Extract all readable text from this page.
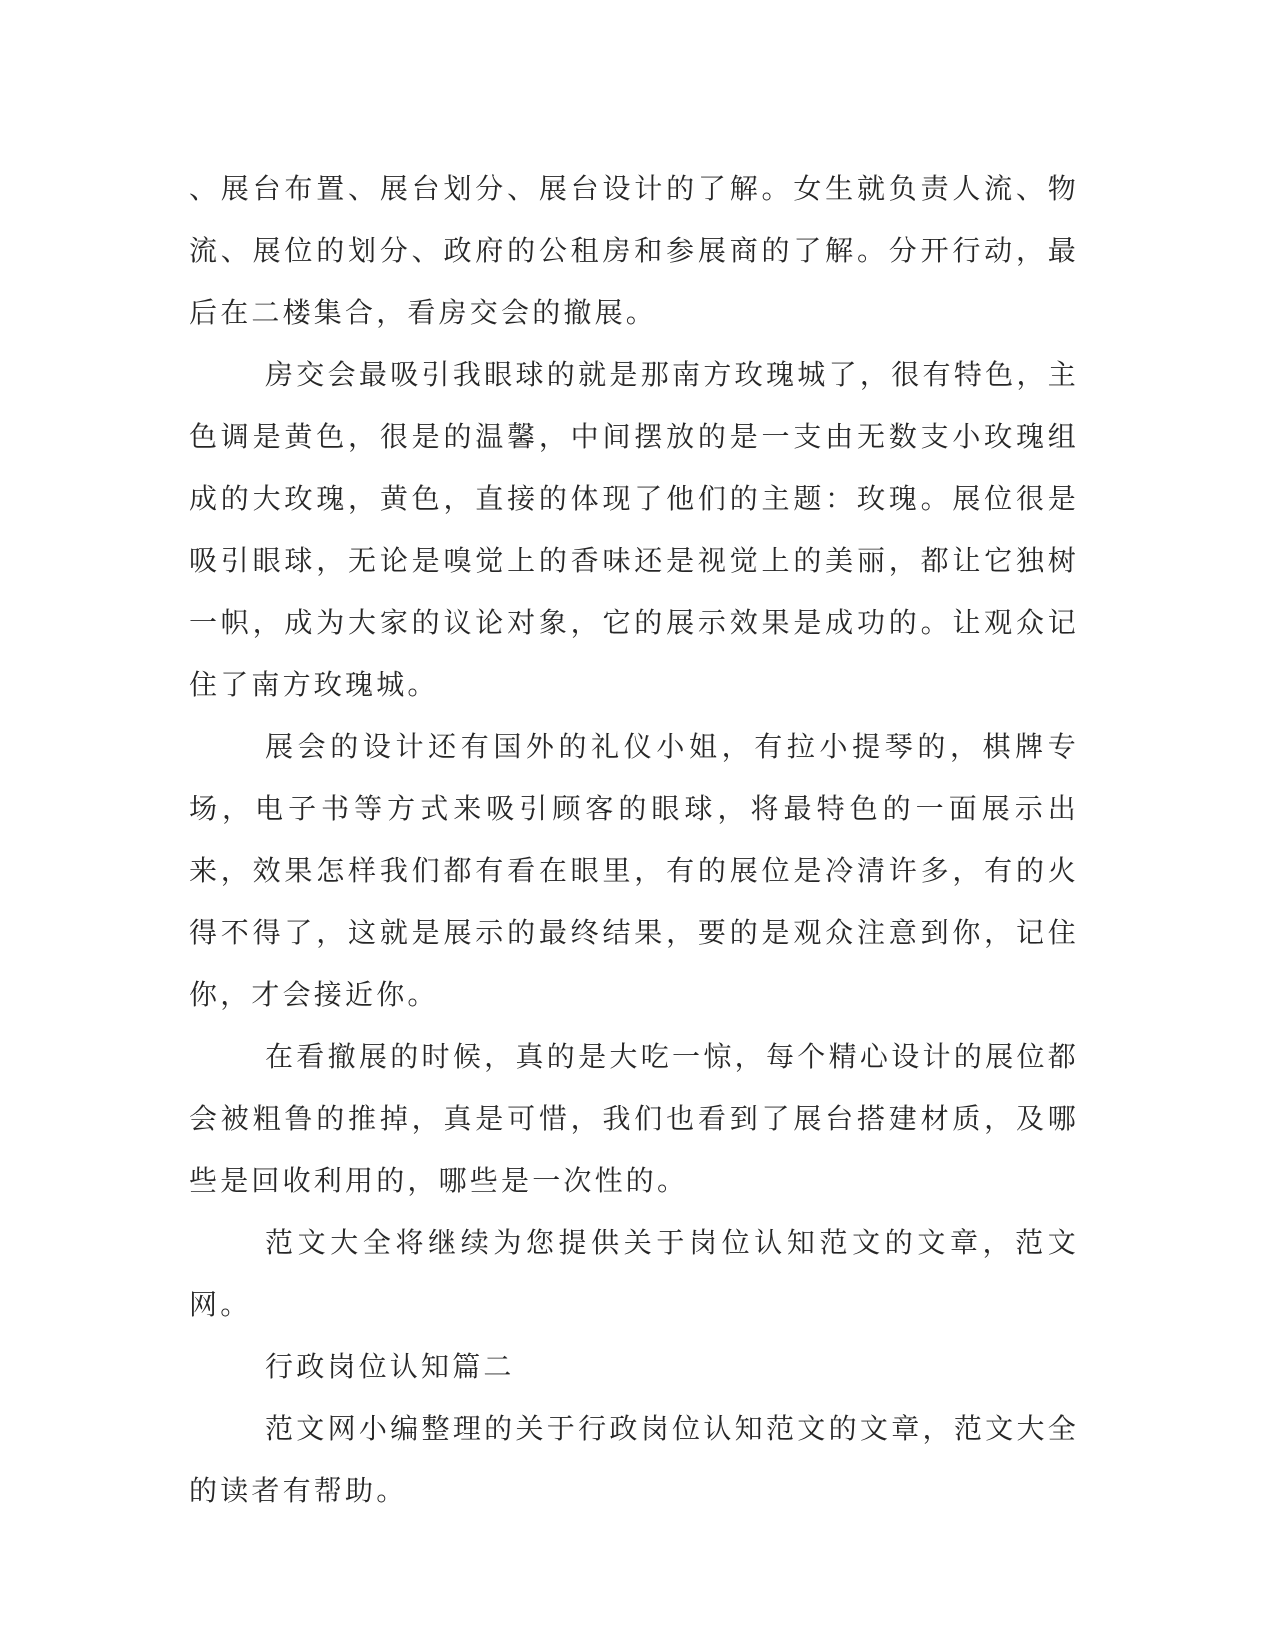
、展台布置、展台划分、展台设计的了解。女生就负责人流、物流、展位的划分、政府的公租房和参展商的了解。分开行动，最后在二楼集合，看房交会的撤展。

房交会最吸引我眼球的就是那南方玫瑰城了，很有特色，主色调是黄色，很是的温馨，中间摆放的是一支由无数支小玫瑰组成的大玫瑰，黄色，直接的体现了他们的主题：玫瑰。展位很是吸引眼球，无论是嗅觉上的香味还是视觉上的美丽，都让它独树一帜，成为大家的议论对象，它的展示效果是成功的。让观众记住了南方玫瑰城。

展会的设计还有国外的礼仪小姐，有拉小提琴的，棋牌专场，电子书等方式来吸引顾客的眼球，将最特色的一面展示出来，效果怎样我们都有看在眼里，有的展位是冷清许多，有的火得不得了，这就是展示的最终结果，要的是观众注意到你，记住你，才会接近你。

在看撤展的时候，真的是大吃一惊，每个精心设计的展位都会被粗鲁的推掉，真是可惜，我们也看到了展台搭建材质，及哪些是回收利用的，哪些是一次性的。

范文大全将继续为您提供关于岗位认知范文的文章，范文网。

行政岗位认知篇二

范文网小编整理的关于行政岗位认知范文的文章，范文大全的读者有帮助。
